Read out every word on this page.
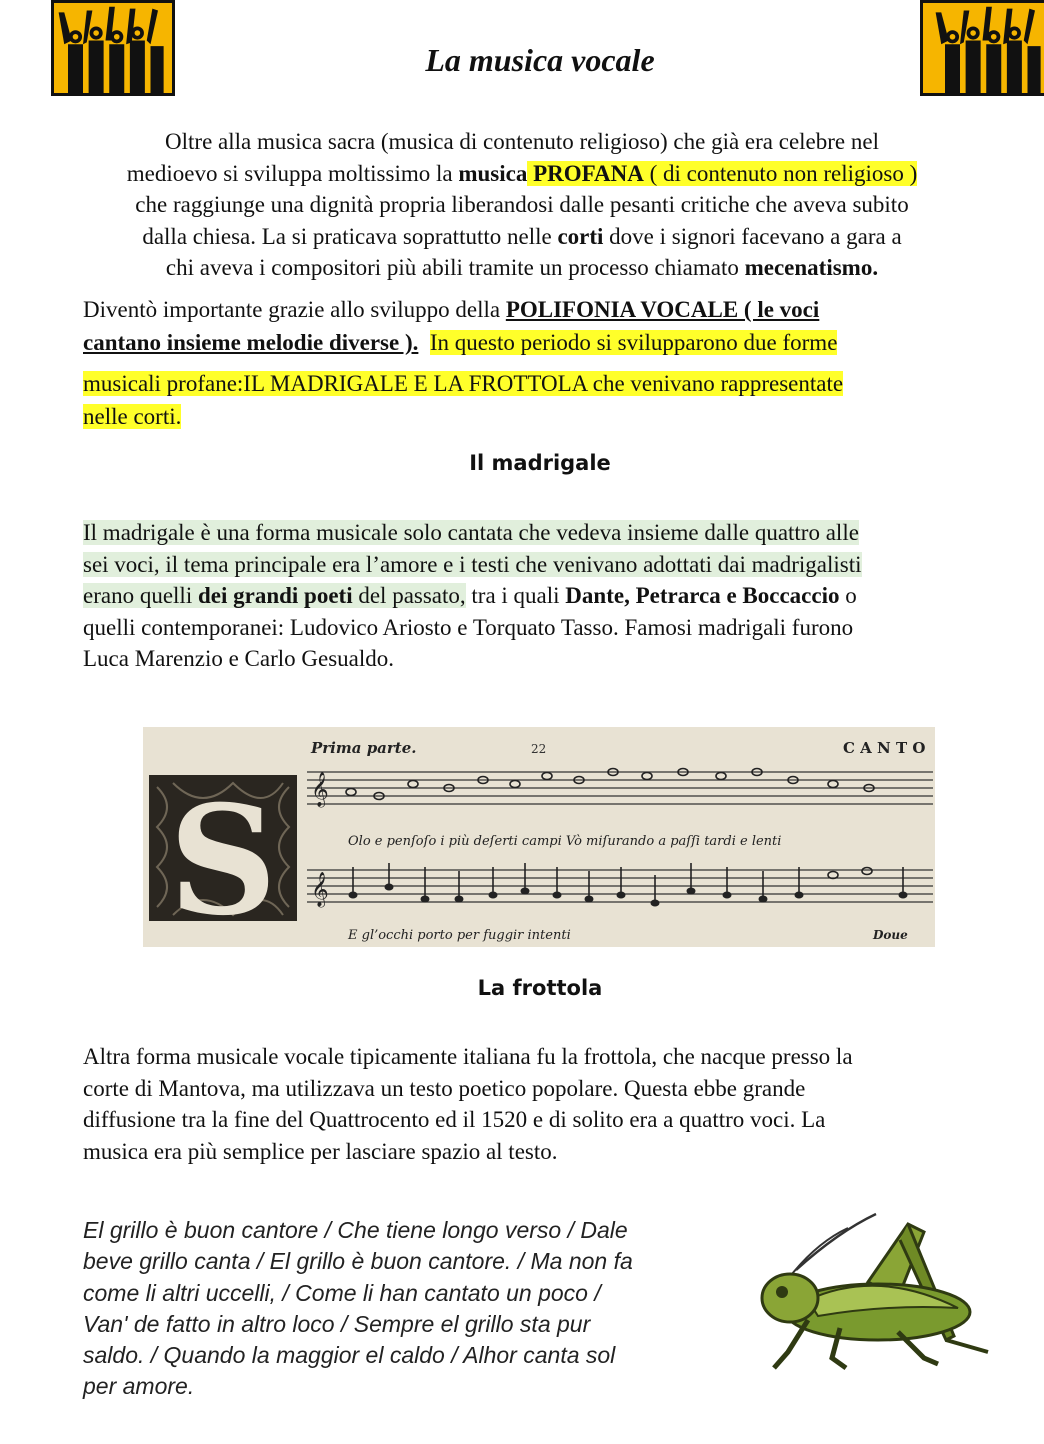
La musica vocale
Oltre alla musica sacra (musica di contenuto religioso) che già era celebre nel
medioevo si sviluppa moltissimo la musica PROFANA ( di contenuto non religioso )
che raggiunge una dignità propria liberandosi dalle pesanti critiche che aveva subito
dalla chiesa. La si praticava soprattutto nelle corti dove i signori facevano a gara a
chi aveva i compositori più abili tramite un processo chiamato mecenatismo.
Diventò importante grazie allo sviluppo della POLIFONIA VOCALE ( le voci
cantano insieme melodie diverse ). In questo periodo si svilupparono due forme
musicali profane:IL MADRIGALE E LA FROTTOLA che venivano rappresentate
nelle corti.
Il madrigale
Il madrigale è una forma musicale solo cantata che vedeva insieme dalle quattro alle
sei voci, il tema principale era l’amore e i testi che venivano adottati dai madrigalisti
erano quelli dei grandi poeti del passato, tra i quali Dante, Petrarca e Boccaccio o
quelli contemporanei: Ludovico Ariosto e Torquato Tasso. Famosi madrigali furono
Luca Marenzio e Carlo Gesualdo.
S
Prima parte.	22	C A N T O
𝄞
Olo e penſoſo i più deſerti campi Vò miſurando a paſſi tardi e lenti
𝄞
E gl’occhi porto per fuggir intenti	Doue
La frottola
Altra forma musicale vocale tipicamente italiana fu la frottola, che nacque presso la
corte di Mantova, ma utilizzava un testo poetico popolare. Questa ebbe grande
diffusione tra la fine del Quattrocento ed il 1520 e di solito era a quattro voci. La
musica era più semplice per lasciare spazio al testo.
El grillo è buon cantore / Che tiene longo verso / Dale
beve grillo canta / El grillo è buon cantore. / Ma non fa
come li altri uccelli, / Come li han cantato un poco /
Van' de fatto in altro loco / Sempre el grillo sta pur
saldo. / Quando la maggior el caldo / Alhor canta sol
per amore.
